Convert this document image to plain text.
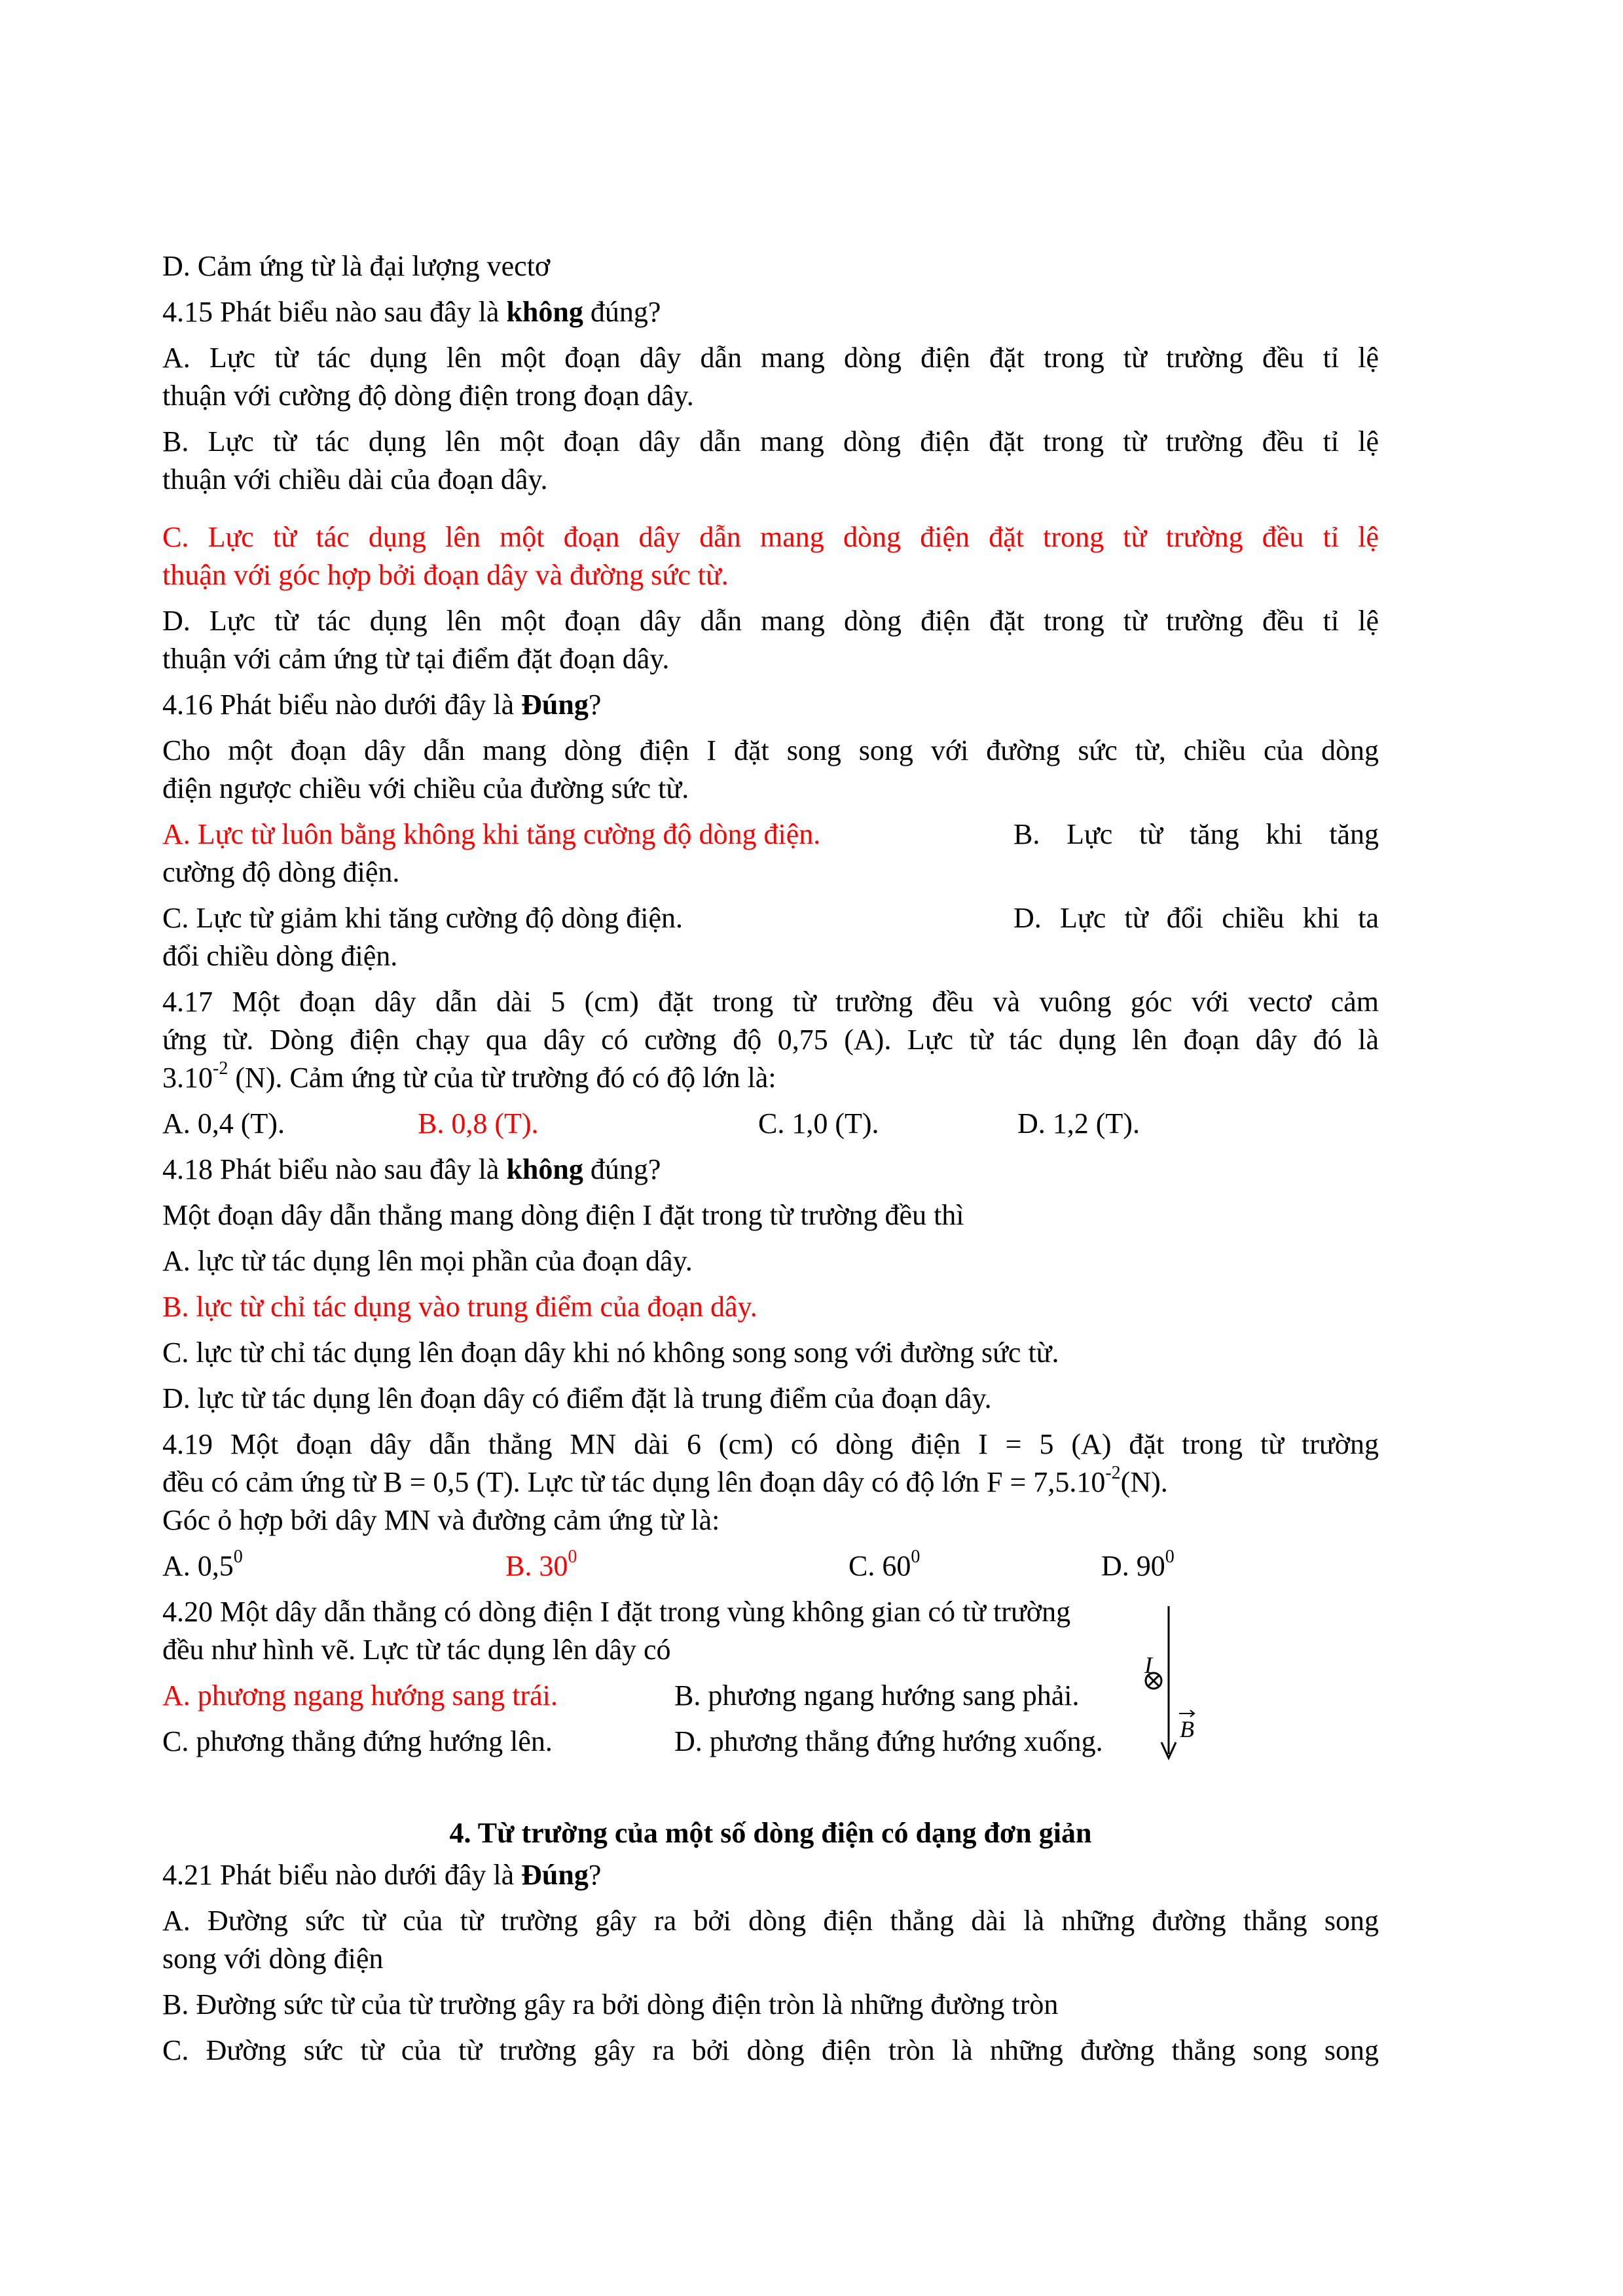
D. Cảm ứng từ là đại lượng vectơ
4.15 Phát biểu nào sau đây là không đúng?
A. Lực từ tác dụng lên một đoạn dây dẫn mang dòng điện đặt trong từ trường đều tỉ lệ
thuận với cường độ dòng điện trong đoạn dây.
B. Lực từ tác dụng lên một đoạn dây dẫn mang dòng điện đặt trong từ trường đều tỉ lệ
thuận với chiều dài của đoạn dây.
C. Lực từ tác dụng lên một đoạn dây dẫn mang dòng điện đặt trong từ trường đều tỉ lệ
thuận với góc hợp bởi đoạn dây và đường sức từ.
D. Lực từ tác dụng lên một đoạn dây dẫn mang dòng điện đặt trong từ trường đều tỉ lệ
thuận với cảm ứng từ tại điểm đặt đoạn dây.
4.16 Phát biểu nào dưới đây là Đúng?
Cho một đoạn dây dẫn mang dòng điện I đặt song song với đường sức từ, chiều của dòng
điện ngược chiều với chiều của đường sức từ.
A. Lực từ luôn bằng không khi tăng cường độ dòng điện.	B. Lực từ tăng khi tăng
cường độ dòng điện.
C. Lực từ giảm khi tăng cường độ dòng điện.	D. Lực từ đổi chiều khi ta
đổi chiều dòng điện.
4.17 Một đoạn dây dẫn dài 5 (cm) đặt trong từ trường đều và vuông góc với vectơ cảm
ứng từ. Dòng điện chạy qua dây có cường độ 0,75 (A). Lực từ tác dụng lên đoạn dây đó là
$3.10^{-2}$ (N). Cảm ứng từ của từ trường đó có độ lớn là:
A. 0,4 (T).	B. 0,8 (T).	C. 1,0 (T).	D. 1,2 (T).
4.18 Phát biểu nào sau đây là không đúng?
Một đoạn dây dẫn thẳng mang dòng điện I đặt trong từ trường đều thì
A. lực từ tác dụng lên mọi phần của đoạn dây.
B. lực từ chỉ tác dụng vào trung điểm của đoạn dây.
C. lực từ chỉ tác dụng lên đoạn dây khi nó không song song với đường sức từ.
D. lực từ tác dụng lên đoạn dây có điểm đặt là trung điểm của đoạn dây.
4.19 Một đoạn dây dẫn thẳng MN dài 6 (cm) có dòng điện I = 5 (A) đặt trong từ trường
đều có cảm ứng từ B = 0,5 (T). Lực từ tác dụng lên đoạn dây có độ lớn $F = 7,5.10^{-2}(N)$.
Góc ỏ hợp bởi dây MN và đường cảm ứng từ là:
A. $0,5^0$	B. $30^0$	C. $60^0$	D. $90^0$
4.20 Một dây dẫn thẳng có dòng điện I đặt trong vùng không gian có từ trường
đều như hình vẽ. Lực từ tác dụng lên dây có
A. phương ngang hướng sang trái.	B. phương ngang hướng sang phải.
C. phương thẳng đứng hướng lên.	D. phương thẳng đứng hướng xuống.
I
B
4. Từ trường của một số dòng điện có dạng đơn giản
4.21 Phát biểu nào dưới đây là Đúng?
A. Đường sức từ của từ trường gây ra bởi dòng điện thẳng dài là những đường thẳng song
song với dòng điện
B. Đường sức từ của từ trường gây ra bởi dòng điện tròn là những đường tròn
C. Đường sức từ của từ trường gây ra bởi dòng điện tròn là những đường thẳng song song
